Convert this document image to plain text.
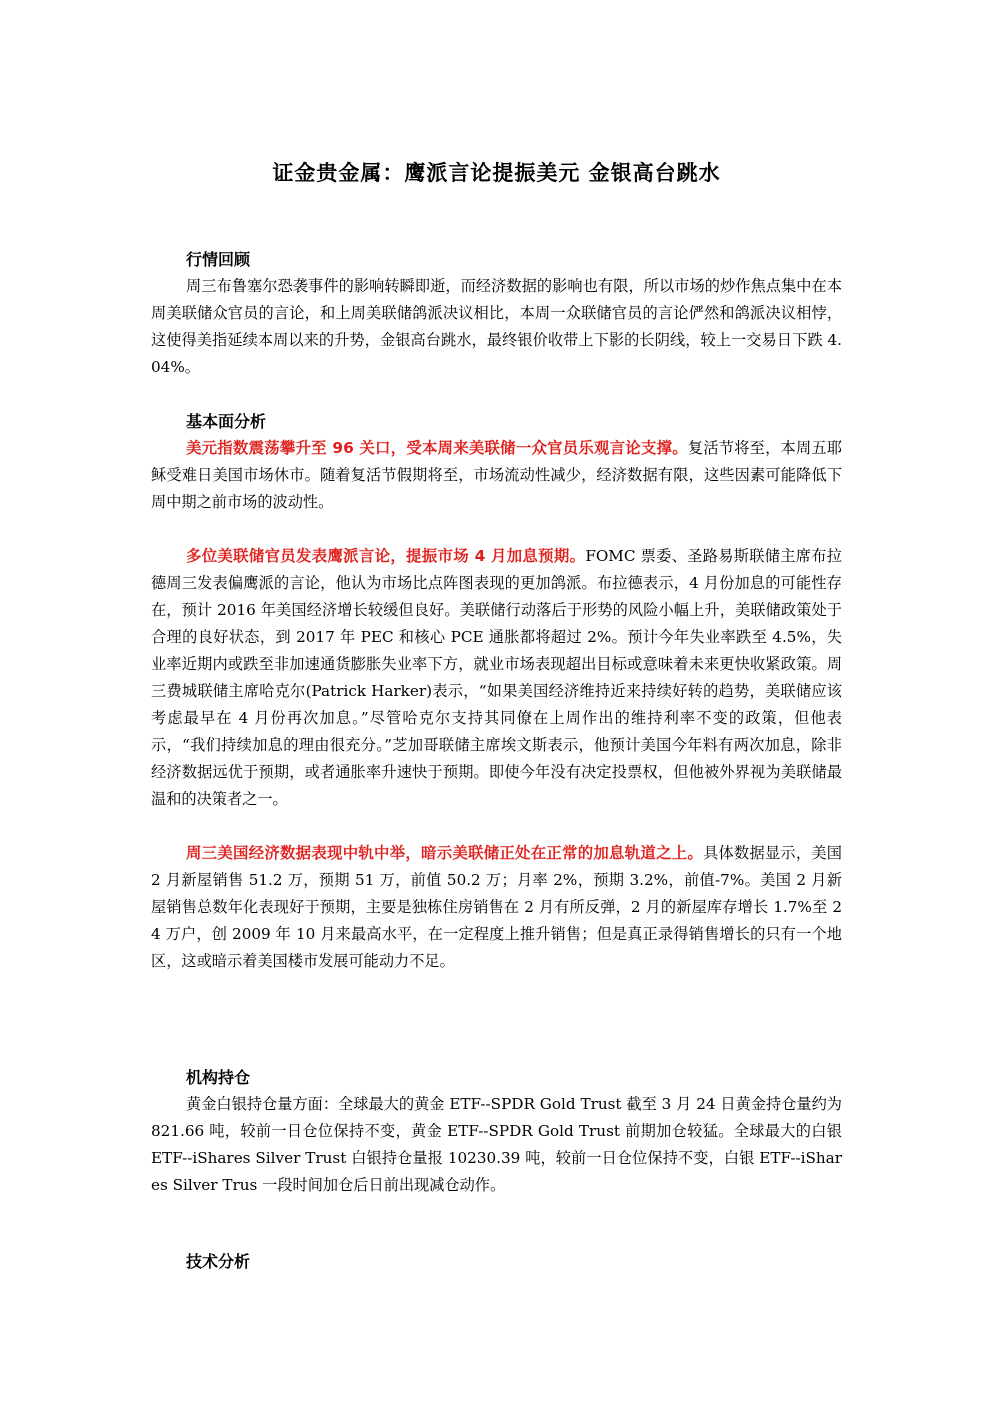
证金贵金属：鹰派言论提振美元 金银高台跳水
行情回顾

周三布鲁塞尔恐袭事件的影响转瞬即逝，而经济数据的影响也有限，所以市场的炒作焦点集中在本周美联储众官员的言论，和上周美联储鸽派决议相比，本周一众联储官员的言论俨然和鸽派决议相悖，这使得美指延续本周以来的升势，金银高台跳水，最终银价收带上下影的长阴线，较上一交易日下跌 4.04%。

基本面分析

美元指数震荡攀升至 96 关口，受本周来美联储一众官员乐观言论支撑。复活节将至，本周五耶稣受难日美国市场休市。随着复活节假期将至，市场流动性减少，经济数据有限，这些因素可能降低下周中期之前市场的波动性。

多位美联储官员发表鹰派言论，提振市场 4 月加息预期。FOMC 票委、圣路易斯联储主席布拉德周三发表偏鹰派的言论，他认为市场比点阵图表现的更加鸽派。布拉德表示，4 月份加息的可能性存在，预计 2016 年美国经济增长较缓但良好。美联储行动落后于形势的风险小幅上升，美联储政策处于合理的良好状态，到 2017 年 PEC 和核心 PCE 通胀都将超过 2%。预计今年失业率跌至 4.5%，失业率近期内或跌至非加速通货膨胀失业率下方，就业市场表现超出目标或意味着未来更快收紧政策。周三费城联储主席哈克尔(Patrick Harker)表示，“如果美国经济维持近来持续好转的趋势，美联储应该考虑最早在 4 月份再次加息。”尽管哈克尔支持其同僚在上周作出的维持利率不变的政策，但他表示，“我们持续加息的理由很充分。”芝加哥联储主席埃文斯表示，他预计美国今年料有两次加息，除非经济数据远优于预期，或者通胀率升速快于预期。即使今年没有决定投票权，但他被外界视为美联储最温和的决策者之一。

周三美国经济数据表现中轨中举，暗示美联储正处在正常的加息轨道之上。具体数据显示，美国 2 月新屋销售 51.2 万，预期 51 万，前值 50.2 万；月率 2%，预期 3.2%，前值-7%。美国 2 月新屋销售总数年化表现好于预期，主要是独栋住房销售在 2 月有所反弹，2 月的新屋库存增长 1.7%至 24 万户，创 2009 年 10 月来最高水平，在一定程度上推升销售；但是真正录得销售增长的只有一个地区，这或暗示着美国楼市发展可能动力不足。

机构持仓

黄金白银持仓量方面：全球最大的黄金 ETF--SPDR Gold Trust 截至 3 月 24 日黄金持仓量约为 821.66 吨，较前一日仓位保持不变，黄金 ETF--SPDR Gold Trust 前期加仓较猛。全球最大的白银 ETF--iShares Silver Trust 白银持仓量报 10230.39 吨，较前一日仓位保持不变，白银 ETF--iShares Silver Trus 一段时间加仓后日前出现减仓动作。

技术分析
